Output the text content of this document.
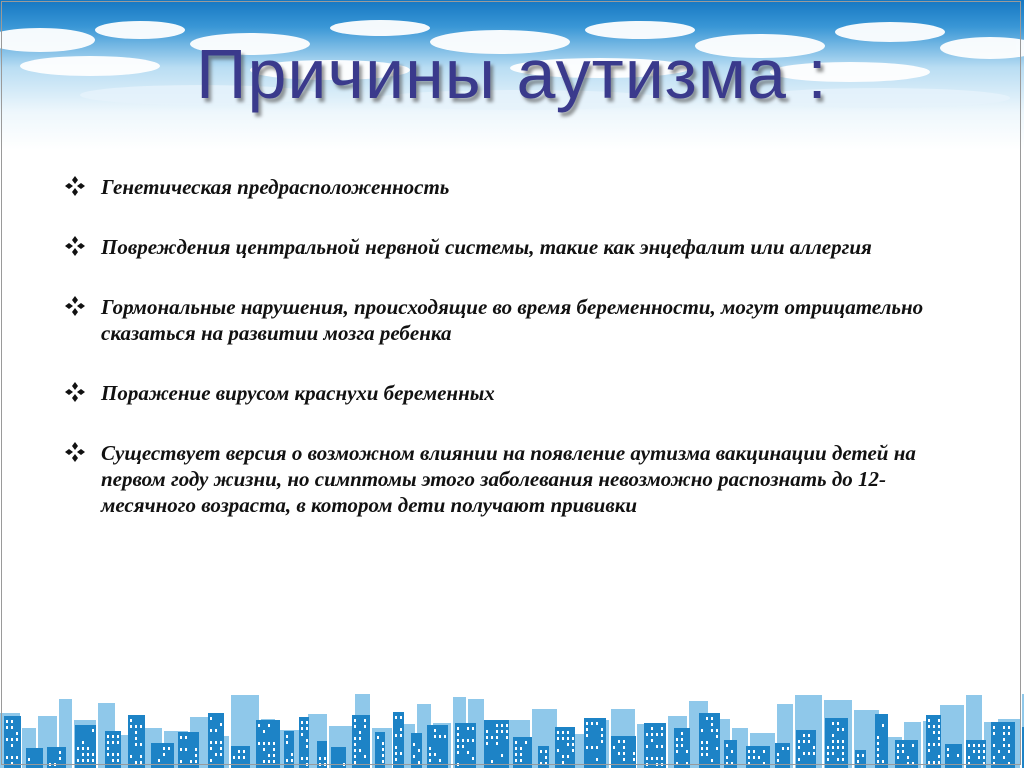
Причины аутизма :
Генетическая предрасположенность
Повреждения центральной нервной системы, такие как энцефалит или аллергия
Гормональные нарушения, происходящие во время беременности, могут отрицательно сказаться на развитии мозга ребенка
Поражение вирусом краснухи беременных
Существует версия о возможном влиянии на появление аутизма вакцинации детей на первом году жизни, но симптомы этого заболевания невозможно распознать до 12-месячного возраста, в котором дети получают прививки
